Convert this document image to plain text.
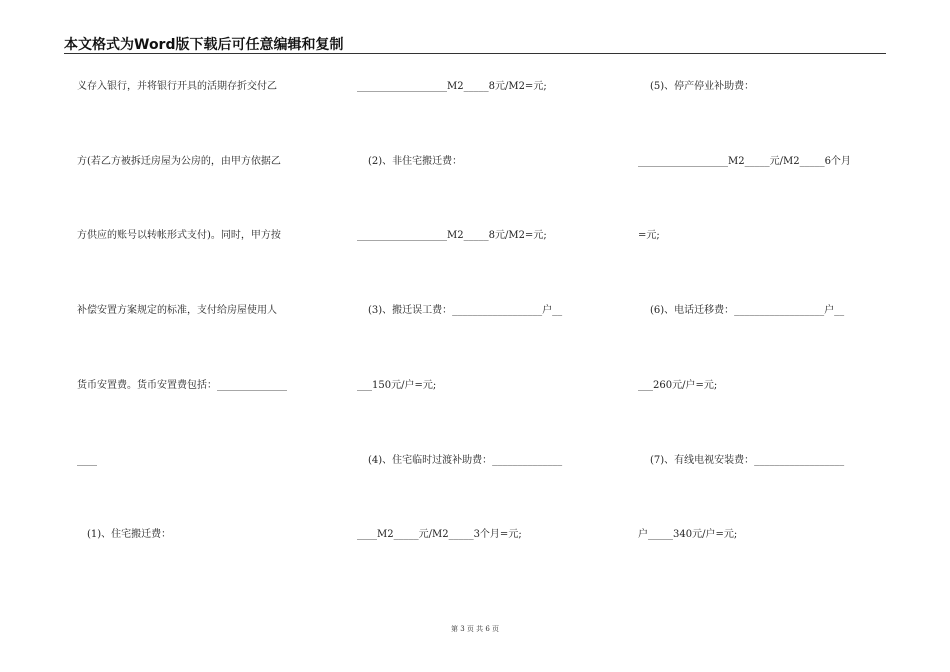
本文格式为Word版下载后可任意编辑和复制
义存入银行，并将银行开具的活期存折交付乙
方(若乙方被拆迁房屋为公房的，由甲方依据乙
方供应的账号以转帐形式支付)。同时，甲方按
补偿安置方案规定的标准，支付给房屋使用人
货币安置费。货币安置费包括：______________
____
(1)、住宅搬迁费：
__________________M2_____8元/M2=元;
(2)、非住宅搬迁费：
__________________M2_____8元/M2=元;
(3)、搬迁误工费：__________________户__
___150元/户=元;
(4)、住宅临时过渡补助费：______________
____M2_____元/M2_____3个月=元;
(5)、停产停业补助费：
__________________M2_____元/M2_____6个月
=元;
(6)、电话迁移费：__________________户__
___260元/户=元;
(7)、有线电视安装费：__________________
户_____340元/户=元;
第 3 页 共 6 页
